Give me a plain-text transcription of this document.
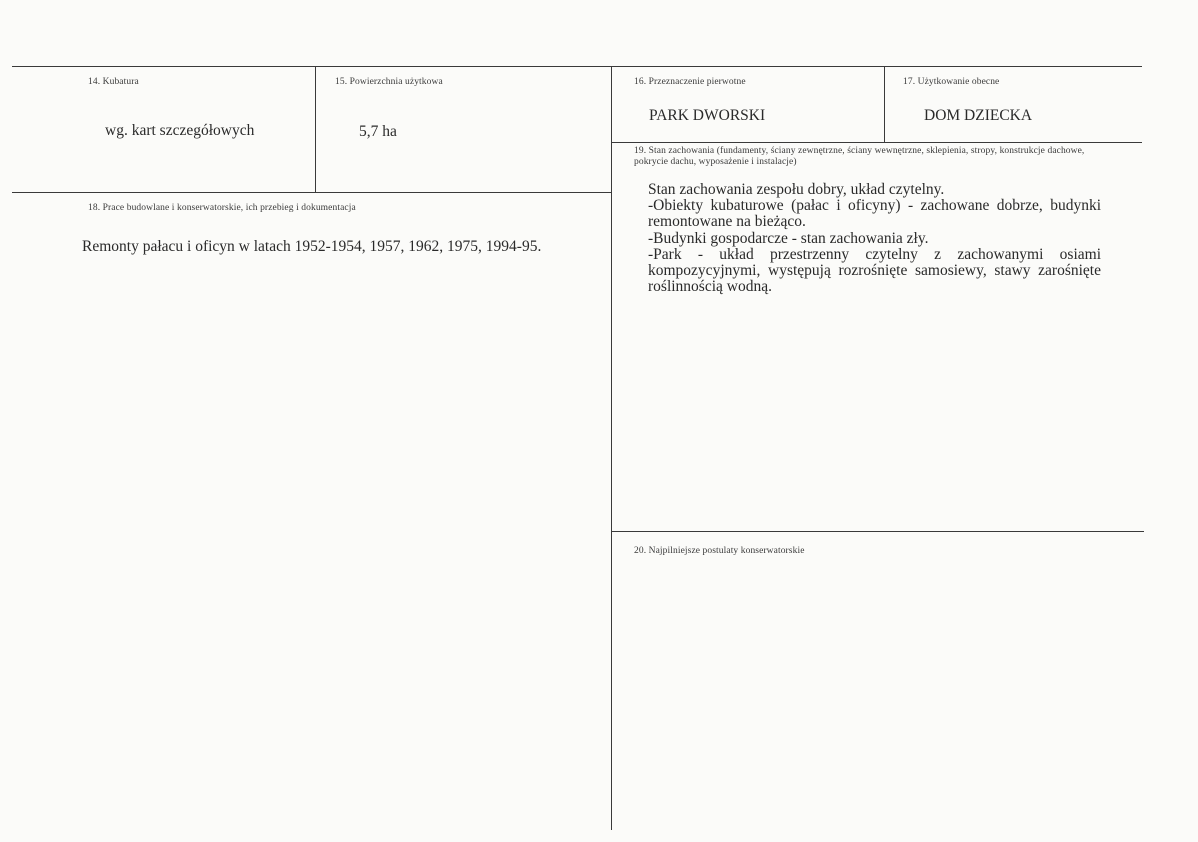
14. Kubatura
wg. kart szczegółowych
15. Powierzchnia użytkowa
5,7 ha
16. Przeznaczenie pierwotne
PARK DWORSKI
17. Użytkowanie obecne
DOM DZIECKA
18. Prace budowlane i konserwatorskie, ich przebieg i dokumentacja
Remonty pałacu i oficyn w latach 1952-1954, 1957, 1962, 1975, 1994-95.
19. Stan zachowania (fundamenty, ściany zewnętrzne, ściany wewnętrzne, sklepienia, stropy, konstrukcje dachowe, pokrycie dachu, wyposażenie i instalacje)

Stan zachowania zespołu dobry, układ czytelny.

-Obiekty kubaturowe (pałac i oficyny) - zachowane dobrze, budynki remontowane na bieżąco.

-Budynki gospodarcze - stan zachowania zły.

-Park - układ przestrzenny czytelny z zachowanymi osiami kompozycyjnymi, występują rozrośnięte samosiewy, stawy zarośnięte roślinnością wodną.

20. Najpilniejsze postulaty konserwatorskie
